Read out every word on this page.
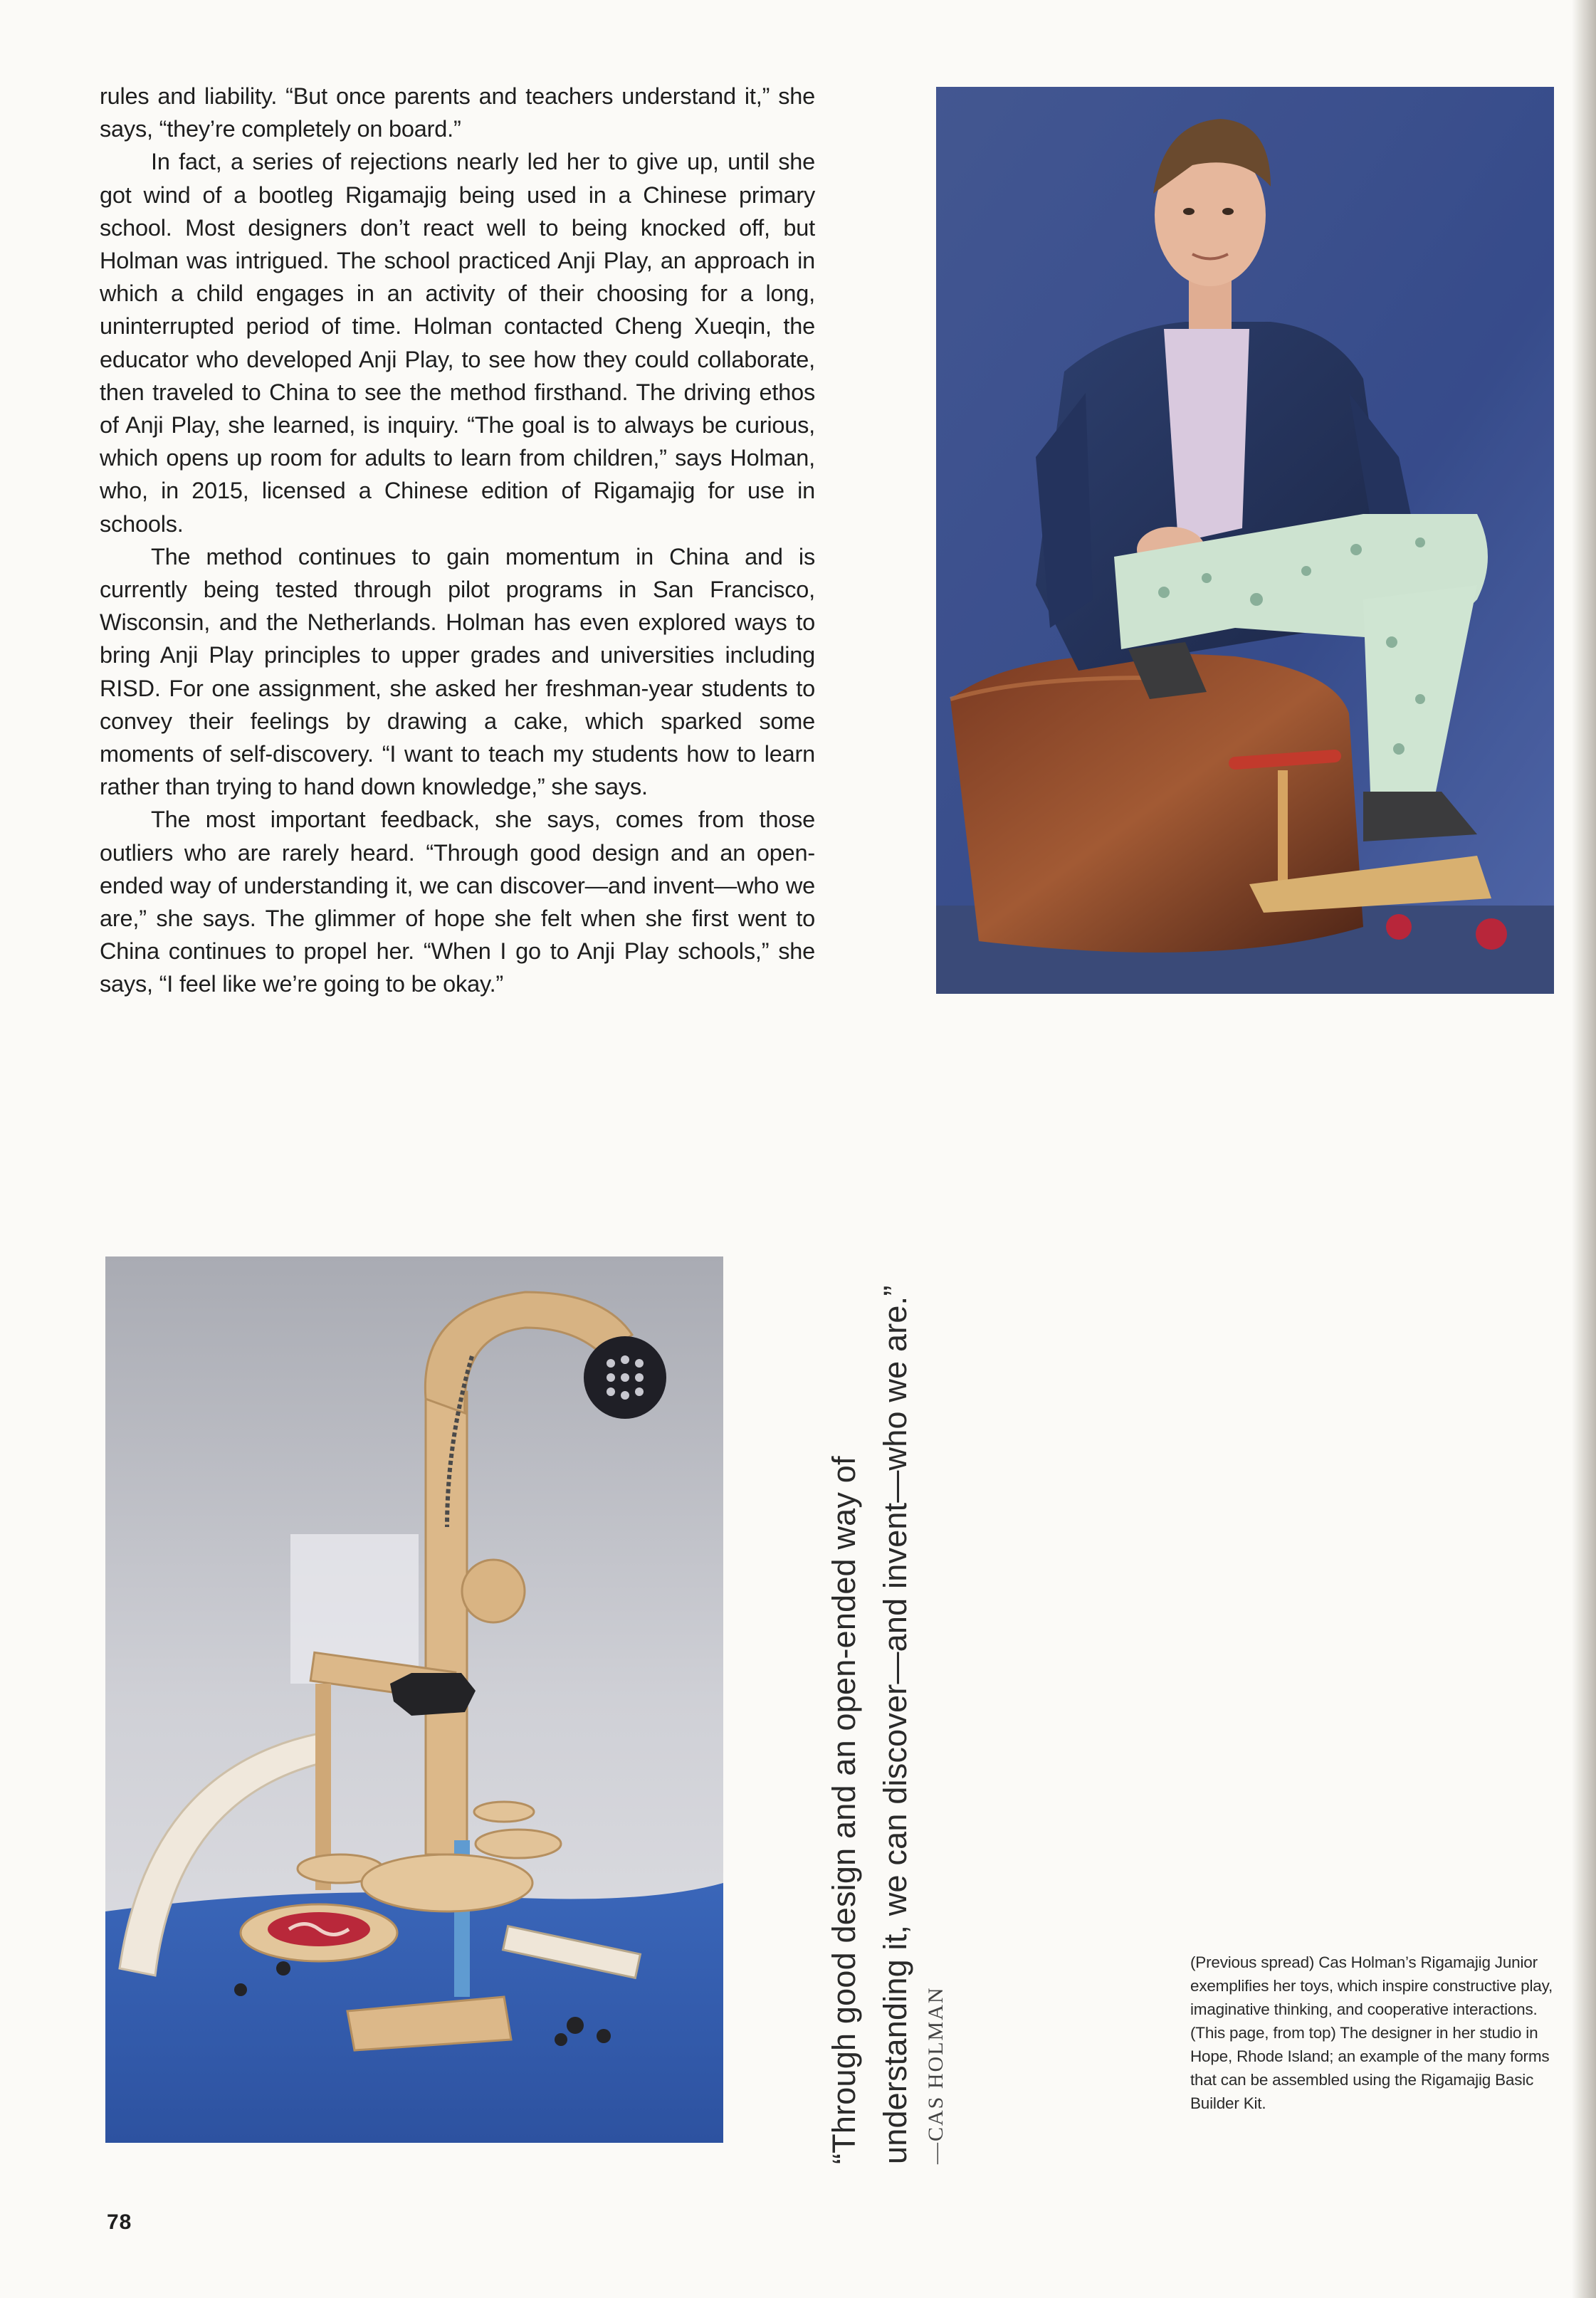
rules and liability. “But once parents and teachers understand it,” she says, “they’re completely on board.”

In fact, a series of rejections nearly led her to give up, until she got wind of a bootleg Rigamajig being used in a Chinese primary school. Most designers don’t react well to being knocked off, but Holman was intrigued. The school practiced Anji Play, an approach in which a child engages in an activity of their choosing for a long, uninterrupted period of time. Holman contacted Cheng Xueqin, the educator who developed Anji Play, to see how they could collaborate, then traveled to China to see the method firsthand. The driving ethos of Anji Play, she learned, is inquiry. “The goal is to always be curious, which opens up room for adults to learn from children,” says Holman, who, in 2015, licensed a Chinese edition of Rigamajig for use in schools.

The method continues to gain momentum in China and is currently being tested through pilot programs in San Francisco, Wisconsin, and the Netherlands. Holman has even explored ways to bring Anji Play principles to upper grades and universities including RISD. For one assignment, she asked her freshman-year students to convey their feelings by drawing a cake, which sparked some moments of self-discovery. “I want to teach my students how to learn rather than trying to hand down knowledge,” she says.

The most important feedback, she says, comes from those outliers who are rarely heard. “Through good design and an open-ended way of understanding it, we can discover—and invent—who we are,” she says. The glimmer of hope she felt when she first went to China continues to propel her. “When I go to Anji Play schools,” she says, “I feel like we’re going to be okay.”

“Through good design and an open-ended way of understanding it, we can discover—and invent—who we are.” —CAS HOLMAN

(Previous spread) Cas Holman’s Rigamajig Junior exemplifies her toys, which inspire constructive play, imaginative thinking, and cooperative interactions.

(This page, from top) The designer in her studio in Hope, Rhode Island; an example of the many forms that can be assembled using the Rigamajig Basic Builder Kit.

78
